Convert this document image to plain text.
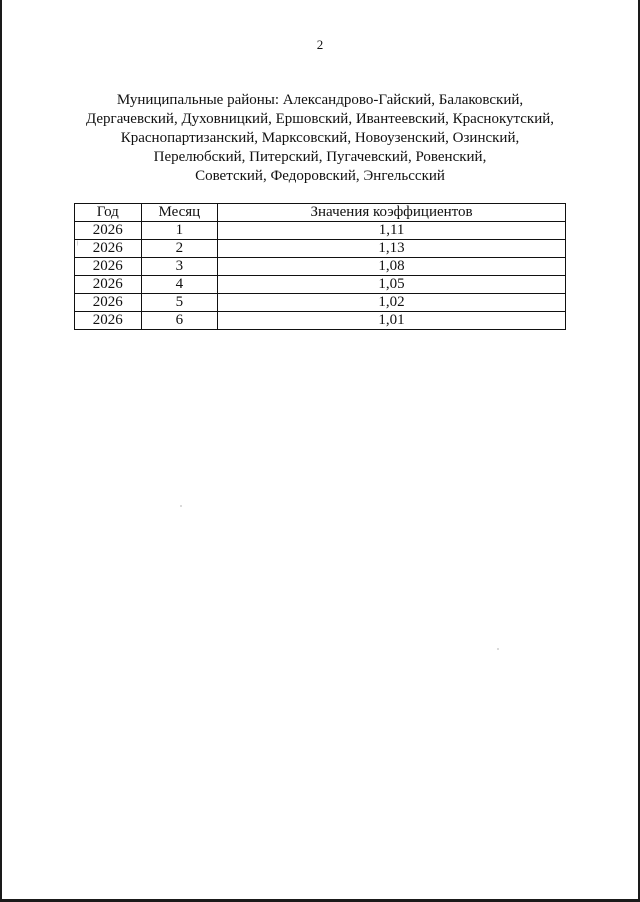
2
Муниципальные районы: Александрово-Гайский, Балаковский,
Дергачевский, Духовницкий, Ершовский, Ивантеевский, Краснокутский,
Краснопартизанский, Марксовский, Новоузенский, Озинский,
Перелюбский, Питерский, Пугачевский, Ровенский,
Советский, Федоровский, Энгельсский
Год	Месяц	Значения коэффициентов
2026	1	1,11
2026	2	1,13
2026	3	1,08
2026	4	1,05
2026	5	1,02
2026	6	1,01
